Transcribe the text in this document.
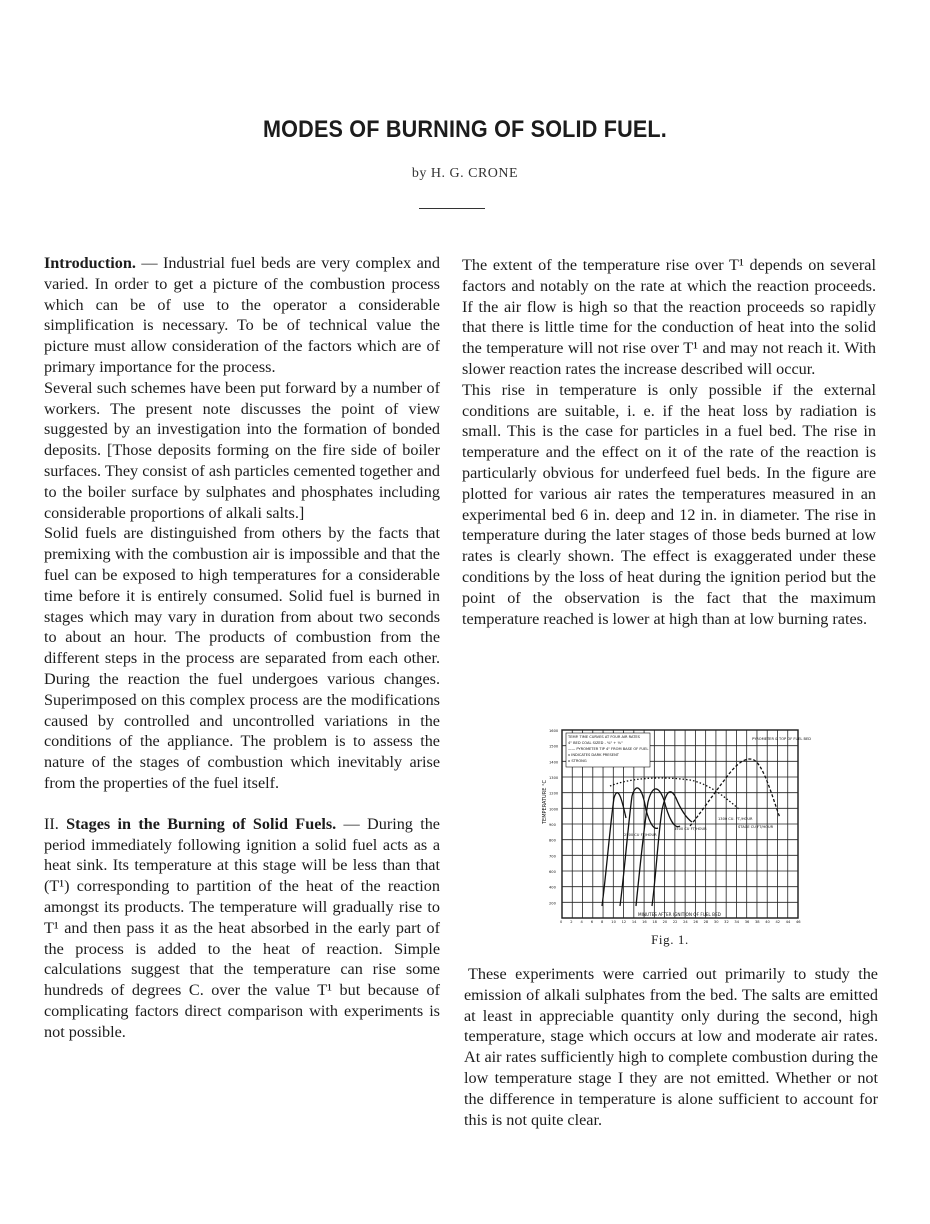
MODES OF BURNING OF SOLID FUEL.
by H. G. CRONE

Introduction. — Industrial fuel beds are very complex and varied. In order to get a picture of the combustion process which can be of use to the operator a considerable simplification is necessary. To be of technical value the picture must allow consideration of the factors which are of primary importance for the process.

Several such schemes have been put forward by a number of workers. The present note discusses the point of view suggested by an investigation into the formation of bonded deposits. [Those deposits forming on the fire side of boiler surfaces. They consist of ash particles cemented together and to the boiler surface by sulphates and phosphates including considerable proportions of alkali salts.]

Solid fuels are distinguished from others by the facts that premixing with the combustion air is impossible and that the fuel can be exposed to high temperatures for a considerable time before it is entirely consumed. Solid fuel is burned in stages which may vary in duration from about two seconds to about an hour. The products of combustion from the different steps in the process are separated from each other. During the reaction the fuel undergoes various changes. Superimposed on this complex process are the modifications caused by controlled and uncontrolled variations in the conditions of the appliance. The problem is to assess the nature of the stages of combustion which inevitably arise from the properties of the fuel itself.

II. Stages in the Burning of Solid Fuels. — During the period immediately following ignition a solid fuel acts as a heat sink. Its temperature at this stage will be less than that (T¹) corresponding to partition of the heat of the reaction amongst its products. The temperature will gradually rise to T¹ and then pass it as the heat absorbed in the early part of the process is added to the heat of reaction. Simple calculations suggest that the temperature can rise some hundreds of degrees C. over the value T¹ but because of complicating factors direct comparison with experiments is not possible.

The extent of the temperature rise over T¹ depends on several factors and notably on the rate at which the reaction proceeds. If the air flow is high so that the reaction proceeds so rapidly that there is little time for the conduction of heat into the solid the temperature will not rise over T¹ and may not reach it. With slower reaction rates the increase described will occur.

This rise in temperature is only possible if the external conditions are suitable, i. e. if the heat loss by radiation is small. This is the case for particles in a fuel bed. The rise in temperature and the effect on it of the rate of the reaction is particularly obvious for underfeed fuel beds. In the figure are plotted for various air rates the temperatures measured in an experimental bed 6 in. deep and 12 in. in diameter. The rise in temperature during the later stages of those beds burned at low rates is clearly shown. The effect is exaggerated under these conditions by the loss of heat during the ignition period but the point of the observation is the fact that the maximum temperature reached is lower at high than at low burning rates.

1600
1500
1400
1300
1200
1000
900
800
700
600
400
200
0 2 4 6 8 10 12 14 16 18 20 22 24 26 28 30 32 34 36 38 40 42 44 46
TEMPERATURE °C
MINUTES AFTER IGNITION OF FUEL BED
TEMP. TIME CURVES AT FOUR AIR RATES
4" BED COAL SIZED - ⅜" + ⅛"
—— PYROMETER TIP 4" FROM BASE OF FUEL
x INDICATES DARK PRESENT
o STRONG
PYROMETER & TOP OF FUEL BED
1300 CU. FT./HOUR
2500 CU FT/HOUR
3500 CU FT/HOUR	STAGE CU FT/HOUR
Fig. 1.

These experiments were carried out primarily to study the emission of alkali sulphates from the bed. The salts are emitted at least in appreciable quantity only during the second, high temperature, stage which occurs at low and moderate air rates. At air rates sufficiently high to complete combustion during the low temperature stage I they are not emitted. Whether or not the difference in temperature is alone sufficient to account for this is not quite clear.
